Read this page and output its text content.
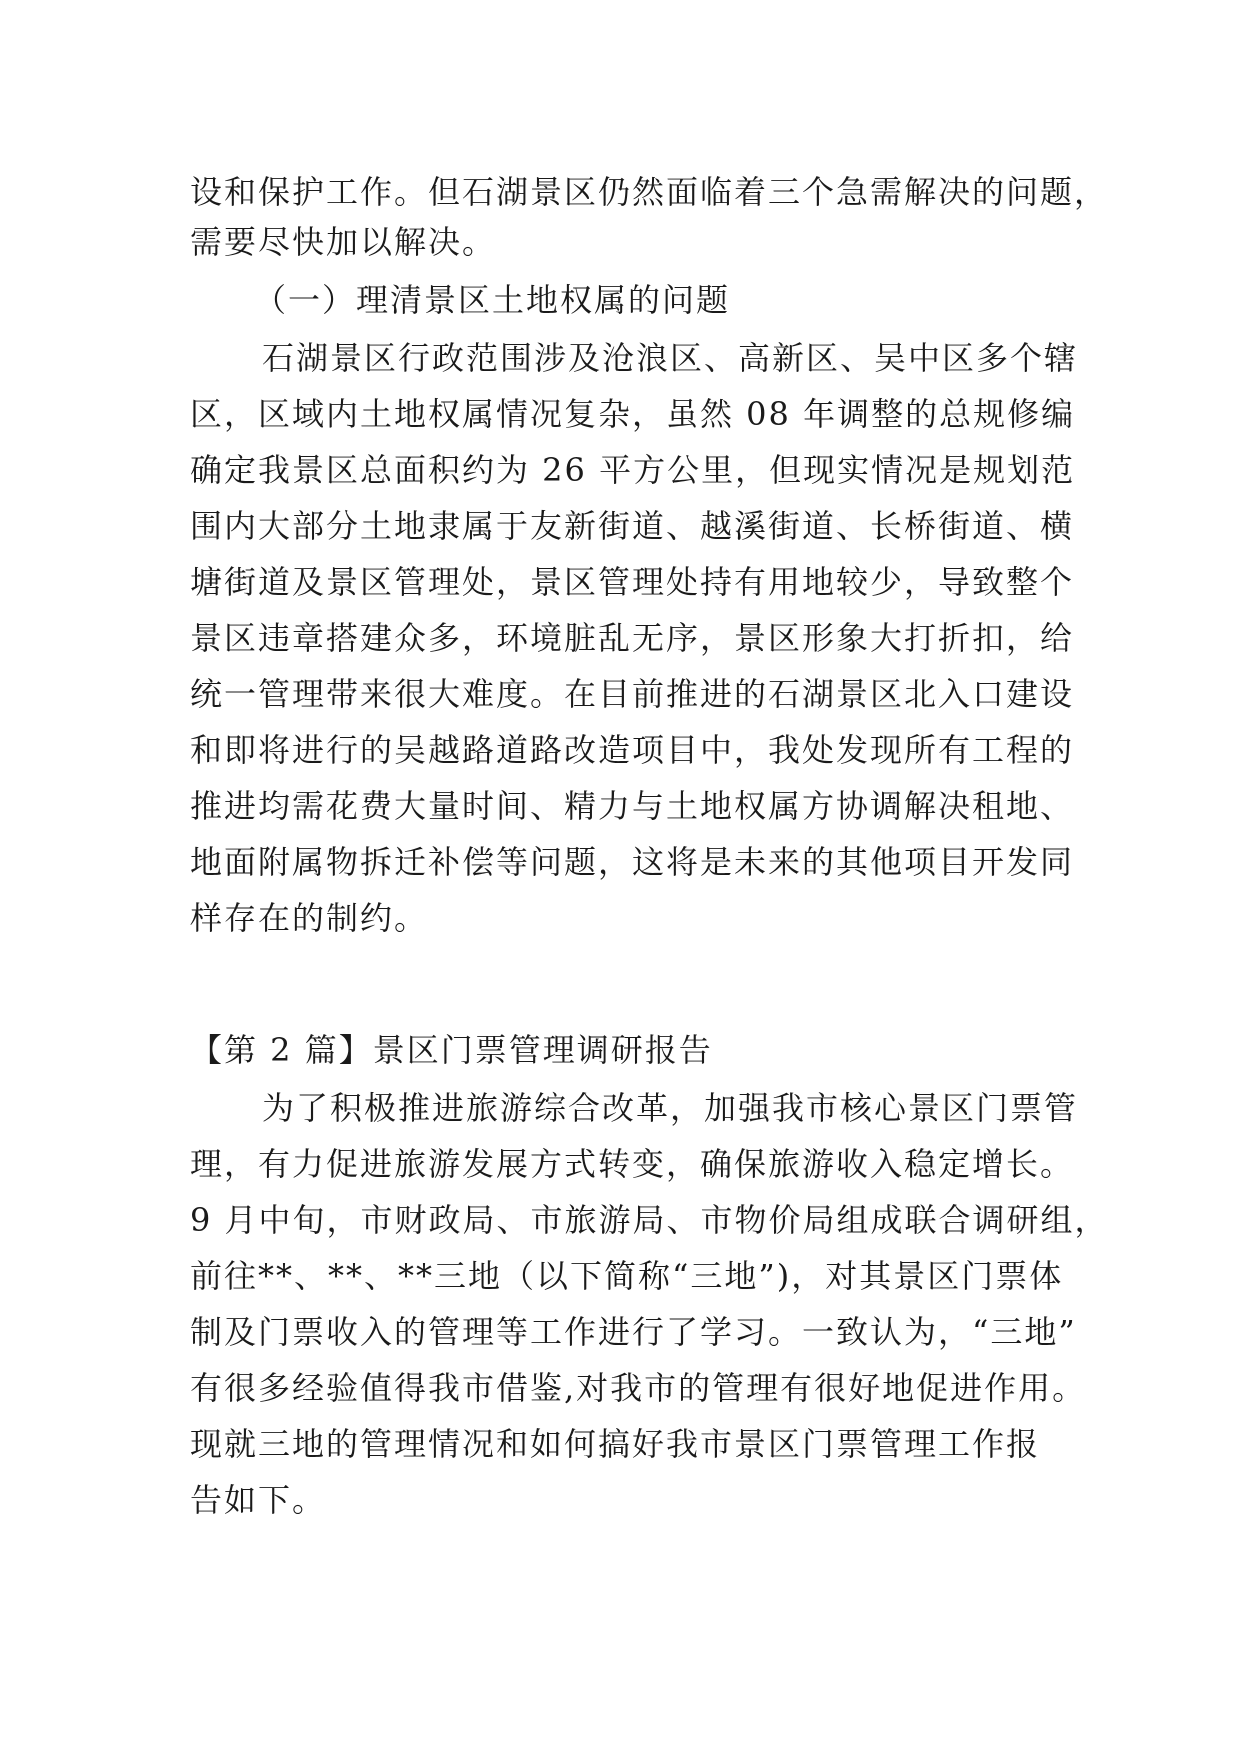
设和保护工作。但石湖景区仍然面临着三个急需解决的问题，
需要尽快加以解决。
（一）理清景区土地权属的问题
石湖景区行政范围涉及沧浪区、高新区、吴中区多个辖
区，区域内土地权属情况复杂，虽然 08 年调整的总规修编
确定我景区总面积约为 26 平方公里，但现实情况是规划范
围内大部分土地隶属于友新街道、越溪街道、长桥街道、横
塘街道及景区管理处，景区管理处持有用地较少，导致整个
景区违章搭建众多，环境脏乱无序，景区形象大打折扣，给
统一管理带来很大难度。在目前推进的石湖景区北入口建设
和即将进行的吴越路道路改造项目中，我处发现所有工程的
推进均需花费大量时间、精力与土地权属方协调解决租地、
地面附属物拆迁补偿等问题，这将是未来的其他项目开发同
样存在的制约。
【第 2 篇】景区门票管理调研报告
为了积极推进旅游综合改革，加强我市核心景区门票管
理，有力促进旅游发展方式转变，确保旅游收入稳定增长。
9 月中旬，市财政局、市旅游局、市物价局组成联合调研组，
前往**、**、**三地（以下简称“三地”)，对其景区门票体
制及门票收入的管理等工作进行了学习。一致认为，“三地”
有很多经验值得我市借鉴,对我市的管理有很好地促进作用。
现就三地的管理情况和如何搞好我市景区门票管理工作报
告如下。
